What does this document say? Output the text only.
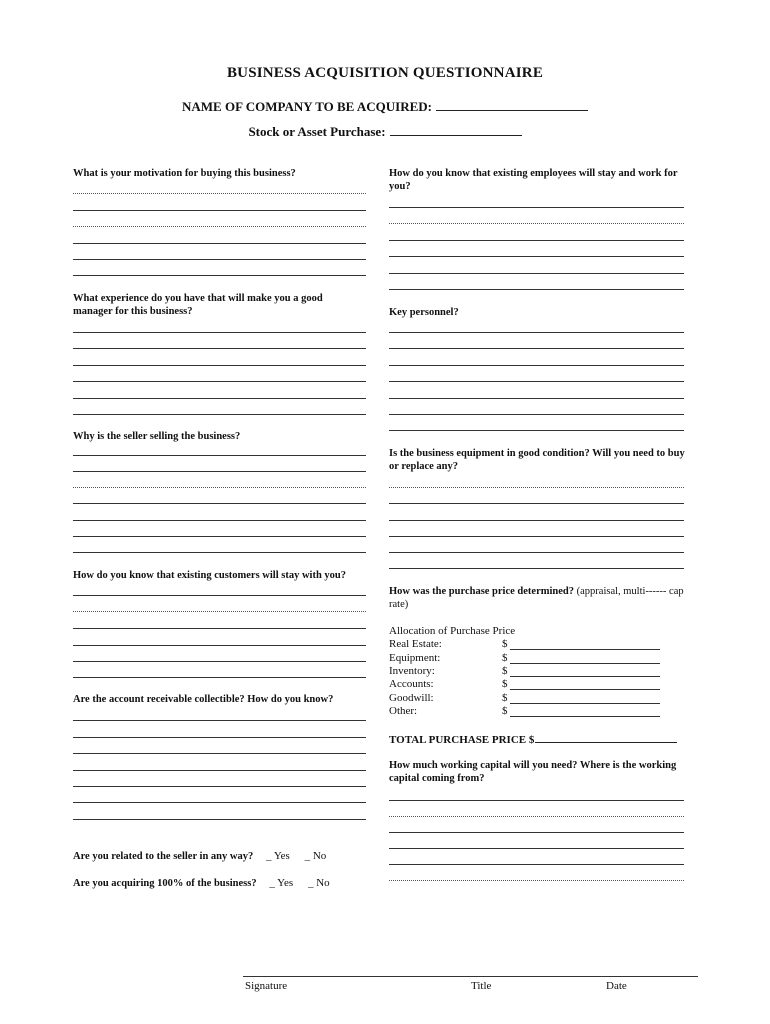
BUSINESS ACQUISITION QUESTIONNAIRE
NAME OF COMPANY TO BE ACQUIRED:
Stock or Asset Purchase:
What is your motivation for buying this business?
What experience do you have that will make you a good manager for this business?
Why is the seller selling the business?
How do you know that existing customers will stay with you?
Are the account receivable collectible? How do you know?
Are you related to the seller in any way? _ Yes _ No
Are you acquiring 100% of the business? _ Yes _ No
How do you know that existing employees will stay and work for you?
Key personnel?
Is the business equipment in good condition? Will you need to buy or replace any?
How was the purchase price determined? (appraisal, multi------ cap rate)
Allocation of Purchase Price
Real Estate:	$
Equipment:	$
Inventory:	$
Accounts:	$
Goodwill:	$
Other:	$
TOTAL PURCHASE PRICE $
How much working capital will you need? Where is the working capital coming from?
Signature	Title	Date
